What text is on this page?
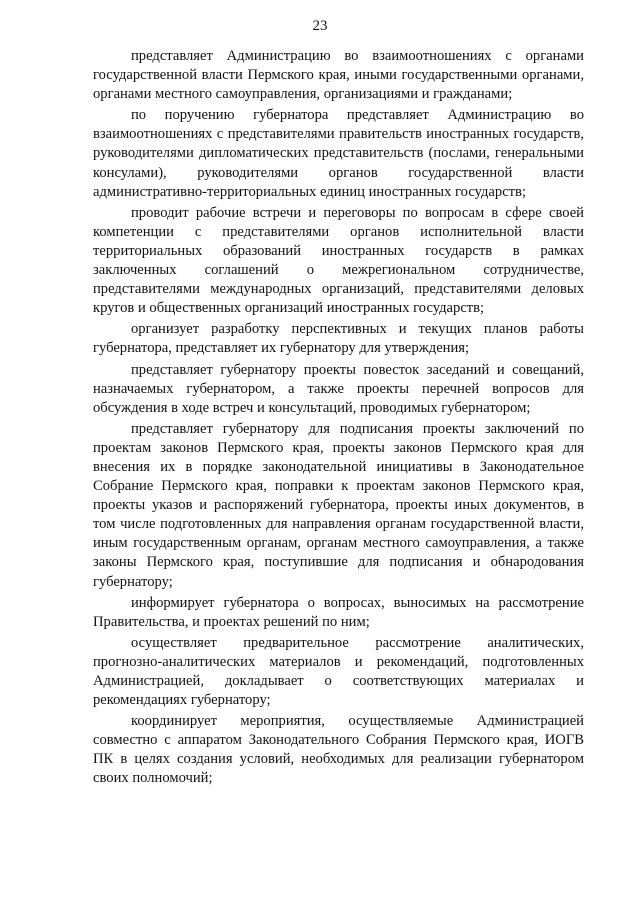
23

представляет Администрацию во взаимоотношениях с органами государственной власти Пермского края, иными государственными органами, органами местного самоуправления, организациями и гражданами;

по поручению губернатора представляет Администрацию во взаимоотношениях с представителями правительств иностранных государств, руководителями дипломатических представительств (послами, генеральными консулами), руководителями органов государственной власти административно-территориальных единиц иностранных государств;

проводит рабочие встречи и переговоры по вопросам в сфере своей компетенции с представителями органов исполнительной власти территориальных образований иностранных государств в рамках заключенных соглашений о межрегиональном сотрудничестве, представителями международных организаций, представителями деловых кругов и общественных организаций иностранных государств;

организует разработку перспективных и текущих планов работы губернатора, представляет их губернатору для утверждения;

представляет губернатору проекты повесток заседаний и совещаний, назначаемых губернатором, а также проекты перечней вопросов для обсуждения в ходе встреч и консультаций, проводимых губернатором;

представляет губернатору для подписания проекты заключений по проектам законов Пермского края, проекты законов Пермского края для внесения их в порядке законодательной инициативы в Законодательное Собрание Пермского края, поправки к проектам законов Пермского края, проекты указов и распоряжений губернатора, проекты иных документов, в том числе подготовленных для направления органам государственной власти, иным государственным органам, органам местного самоуправления, а также законы Пермского края, поступившие для подписания и обнародования губернатору;

информирует губернатора о вопросах, выносимых на рассмотрение Правительства, и проектах решений по ним;

осуществляет предварительное рассмотрение аналитических, прогнозно-аналитических материалов и рекомендаций, подготовленных Администрацией, докладывает о соответствующих материалах и рекомендациях губернатору;

координирует мероприятия, осуществляемые Администрацией совместно с аппаратом Законодательного Собрания Пермского края, ИОГВ ПК в целях создания условий, необходимых для реализации губернатором своих полномочий;
